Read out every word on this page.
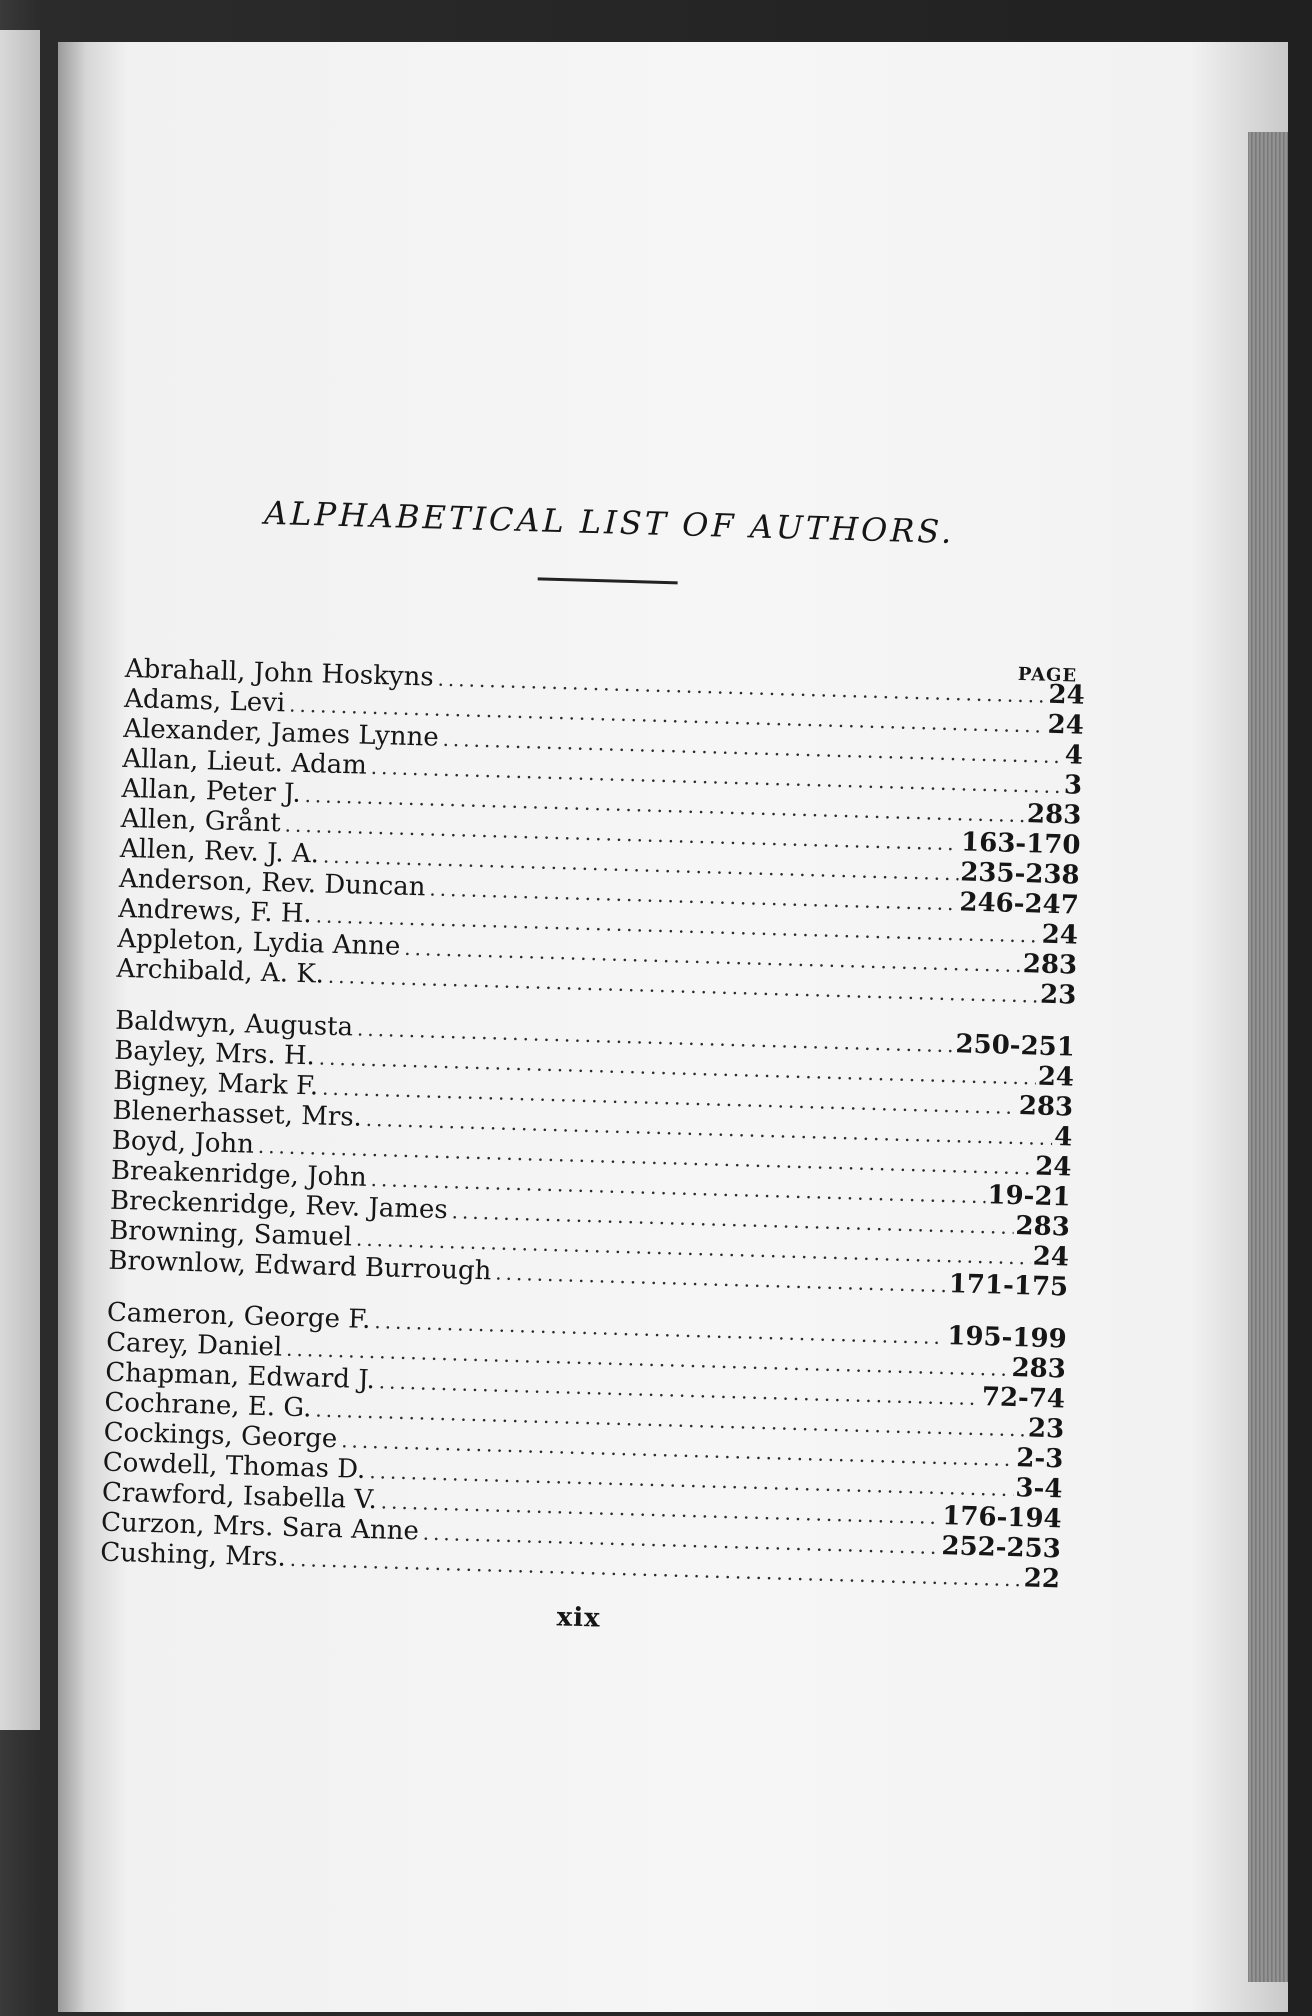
ALPHABETICAL LIST OF AUTHORS.
PAGE
Abrahall, John Hoskyns
.....
24
Adams, Levi
.....
24
Alexander, James Lynne
.....
4
Allan, Lieut. Adam
.....
3
Allan, Peter J.
.....
283
Allen, Grånt
.....
163-170
Allen, Rev. J. A.
.....
235-238
Anderson, Rev. Duncan
.....
246-247
Andrews, F. H.
.....
24
Appleton, Lydia Anne
.....
283
Archibald, A. K.
.....
23
Baldwyn, Augusta
.....
250-251
Bayley, Mrs. H.
.....
24
Bigney, Mark F.
.....
283
Blenerhasset, Mrs.
.....
4
Boyd, John
.....
24
Breakenridge, John
.....
19-21
Breckenridge, Rev. James
.....
283
Browning, Samuel
.....
24
Brownlow, Edward Burrough
.....	171-175
Cameron, George F.
.....
195-199
Carey, Daniel
.....
283
Chapman, Edward J.
.....
72-74
Cochrane, E. G.
.....
23
Cockings, George
.....
2-3
Cowdell, Thomas D.
.....
3-4
Crawford, Isabella V.
.....
176-194
Curzon, Mrs. Sara Anne
.....
252-253
Cushing, Mrs.
.....
22
xix
